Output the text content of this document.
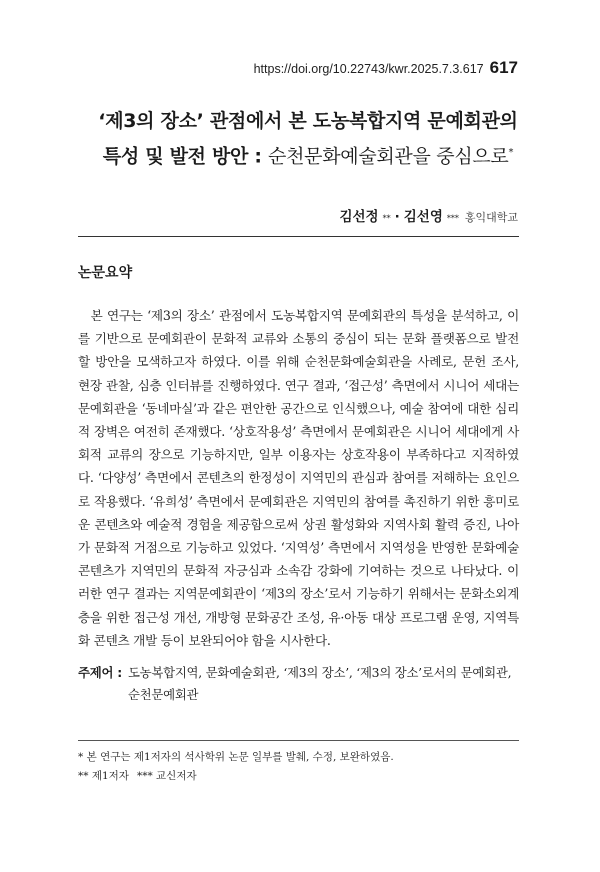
https://doi.org/10.22743/kwr.2025.7.3.617 617
‘제3의 장소’ 관점에서 본 도농복합지역 문예회관의
특성 및 발전 방안 : 순천문화예술회관을 중심으로*
김선정 $_{**}$ · 김선영 $_{***}$ 홍익대학교
논문요약

본 연구는 ‘제3의 장소’ 관점에서 도농복합지역 문예회관의 특성을 분석하고, 이를 기반으로 문예회관이 문화적 교류와 소통의 중심이 되는 문화 플랫폼으로 발전할 방안을 모색하고자 하였다. 이를 위해 순천문화예술회관을 사례로, 문헌 조사, 현장 관찰, 심층 인터뷰를 진행하였다. 연구 결과, ‘접근성’ 측면에서 시니어 세대는 문예회관을 ‘동네마실’과 같은 편안한 공간으로 인식했으나, 예술 참여에 대한 심리적 장벽은 여전히 존재했다. ‘상호작용성’ 측면에서 문예회관은 시니어 세대에게 사회적 교류의 장으로 기능하지만, 일부 이용자는 상호작용이 부족하다고 지적하였다. ‘다양성’ 측면에서 콘텐츠의 한정성이 지역민의 관심과 참여를 저해하는 요인으로 작용했다. ‘유희성’ 측면에서 문예회관은 지역민의 참여를 촉진하기 위한 흥미로운 콘텐츠와 예술적 경험을 제공함으로써 상권 활성화와 지역사회 활력 증진, 나아가 문화적 거점으로 기능하고 있었다. ‘지역성’ 측면에서 지역성을 반영한 문화예술 콘텐츠가 지역민의 문화적 자긍심과 소속감 강화에 기여하는 것으로 나타났다. 이러한 연구 결과는 지역문예회관이 ‘제3의 장소’로서 기능하기 위해서는 문화소외계층을 위한 접근성 개선, 개방형 문화공간 조성, 유·아동 대상 프로그램 운영, 지역특화 콘텐츠 개발 등이 보완되어야 함을 시사한다.

주제어 : 도농복합지역, 문화예술회관, ‘제3의 장소’, ‘제3의 장소’로서의 문예회관, 순천문예회관
* 본 연구는 제1저자의 석사학위 논문 일부를 발췌, 수정, 보완하였음.
** 제1저자 *** 교신저자
